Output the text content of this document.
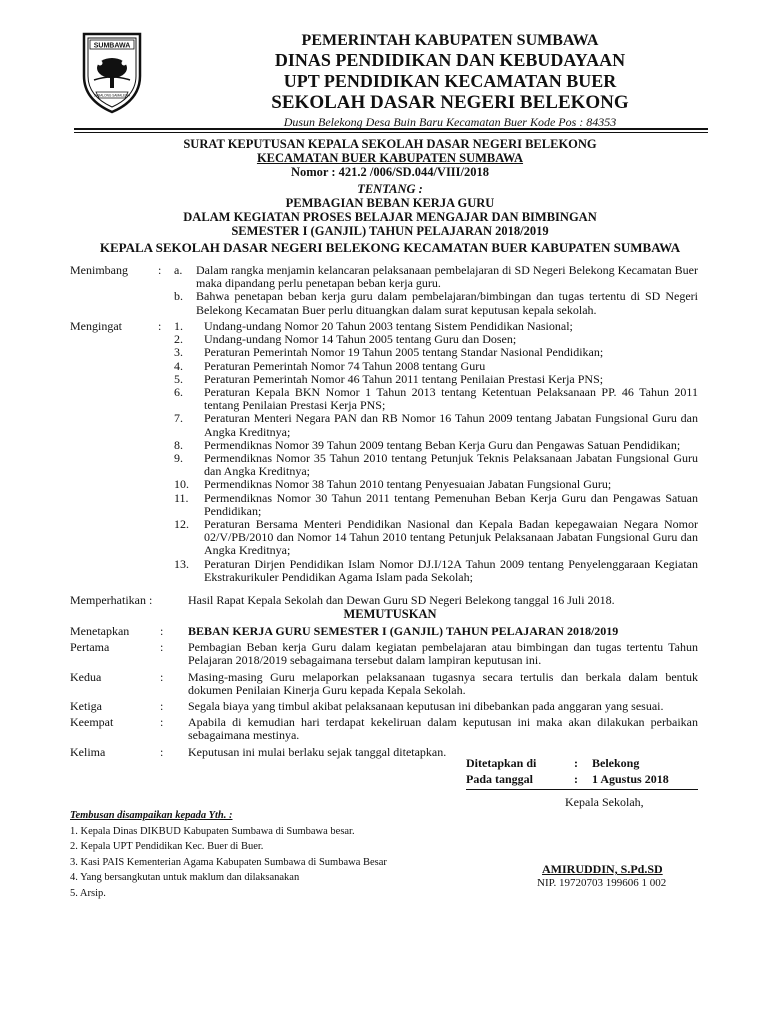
SUMBAWA
SABALONG SAMALEWA
PEMERINTAH KABUPATEN SUMBAWA
DINAS PENDIDIKAN DAN KEBUDAYAAN
UPT PENDIDIKAN KECAMATAN BUER
SEKOLAH DASAR NEGERI BELEKONG
Dusun Belekong Desa Buin Baru Kecamatan Buer Kode Pos : 84353
SURAT KEPUTUSAN KEPALA SEKOLAH DASAR NEGERI BELEKONG
KECAMATAN BUER KABUPATEN SUMBAWA
Nomor : 421.2 /006/SD.044/VIII/2018
TENTANG :
PEMBAGIAN BEBAN KERJA GURU
DALAM KEGIATAN PROSES BELAJAR MENGAJAR DAN BIMBINGAN
SEMESTER I (GANJIL) TAHUN PELAJARAN 2018/2019
KEPALA SEKOLAH DASAR NEGERI BELEKONG KECAMATAN BUER KABUPATEN SUMBAWA
Menimbang	: a.	Dalam rangka menjamin kelancaran pelaksanaan pembelajaran di SD Negeri Belekong Kecamatan Buer maka dipandang perlu penetapan beban kerja guru.
b.	Bahwa penetapan beban kerja guru dalam pembelajaran/bimbingan dan tugas tertentu di SD Negeri Belekong Kecamatan Buer perlu dituangkan dalam surat keputusan kepala sekolah.
Mengingat	: 1.	Undang-undang Nomor 20 Tahun 2003 tentang Sistem Pendidikan Nasional;
2.	Undang-undang Nomor 14 Tahun 2005 tentang Guru dan Dosen;
3.	Peraturan Pemerintah Nomor 19 Tahun 2005 tentang Standar Nasional Pendidikan;
4.	Peraturan Pemerintah Nomor 74 Tahun 2008 tentang Guru
5.	Peraturan Pemerintah Nomor 46 Tahun 2011 tentang Penilaian Prestasi Kerja PNS;
6.	Peraturan Kepala BKN Nomor 1 Tahun 2013 tentang Ketentuan Pelaksanaan PP. 46 Tahun 2011 tentang Penilaian Prestasi Kerja PNS;
7.	Peraturan Menteri Negara PAN dan RB Nomor 16 Tahun 2009 tentang Jabatan Fungsional Guru dan Angka Kreditnya;
8.	Permendiknas Nomor 39 Tahun 2009 tentang Beban Kerja Guru dan Pengawas Satuan Pendidikan;
9.	Permendiknas Nomor 35 Tahun 2010 tentang Petunjuk Teknis Pelaksanaan Jabatan Fungsional Guru dan Angka Kreditnya;
10.	Permendiknas Nomor 38 Tahun 2010 tentang Penyesuaian Jabatan Fungsional Guru;
11.	Permendiknas Nomor 30 Tahun 2011 tentang Pemenuhan Beban Kerja Guru dan Pengawas Satuan Pendidikan;
12.	Peraturan Bersama Menteri Pendidikan Nasional dan Kepala Badan kepegawaian Negara Nomor 02/V/PB/2010 dan Nomor 14 Tahun 2010 tentang Petunjuk Pelaksanaan Jabatan Fungsional Guru dan Angka Kreditnya;
13.	Peraturan Dirjen Pendidikan Islam Nomor DJ.I/12A Tahun 2009 tentang Penyelenggaraan Kegiatan Ekstrakurikuler Pendidikan Agama Islam pada Sekolah;
Memperhatikan :	Hasil Rapat Kepala Sekolah dan Dewan Guru SD Negeri Belekong tanggal 16 Juli 2018.
MEMUTUSKAN
Menetapkan	: BEBAN KERJA GURU SEMESTER I (GANJIL) TAHUN PELAJARAN 2018/2019
Pertama	: Pembagian Beban kerja Guru dalam kegiatan pembelajaran atau bimbingan dan tugas tertentu Tahun Pelajaran 2018/2019 sebagaimana tersebut dalam lampiran keputusan ini.
Kedua	: Masing-masing Guru melaporkan pelaksanaan tugasnya secara tertulis dan berkala dalam bentuk dokumen Penilaian Kinerja Guru kepada Kepala Sekolah.
Ketiga	: Segala biaya yang timbul akibat pelaksanaan keputusan ini dibebankan pada anggaran yang sesuai.
Keempat	: Apabila di kemudian hari terdapat kekeliruan dalam keputusan ini maka akan dilakukan perbaikan sebagaimana mestinya.
Kelima	: Keputusan ini mulai berlaku sejak tanggal ditetapkan.
Ditetapkan di	:	Belekong
Pada tanggal	:	1 Agustus 2018
Kepala Sekolah,
AMIRUDDIN, S.Pd.SD
NIP. 19720703 199606 1 002
Tembusan disampaikan kepada Yth. :
1. Kepala Dinas DIKBUD Kabupaten Sumbawa di Sumbawa besar.
2. Kepala UPT Pendidikan Kec. Buer di Buer.
3. Kasi PAIS Kementerian Agama Kabupaten Sumbawa di Sumbawa Besar
4. Yang bersangkutan untuk maklum dan dilaksanakan
5. Arsip.
